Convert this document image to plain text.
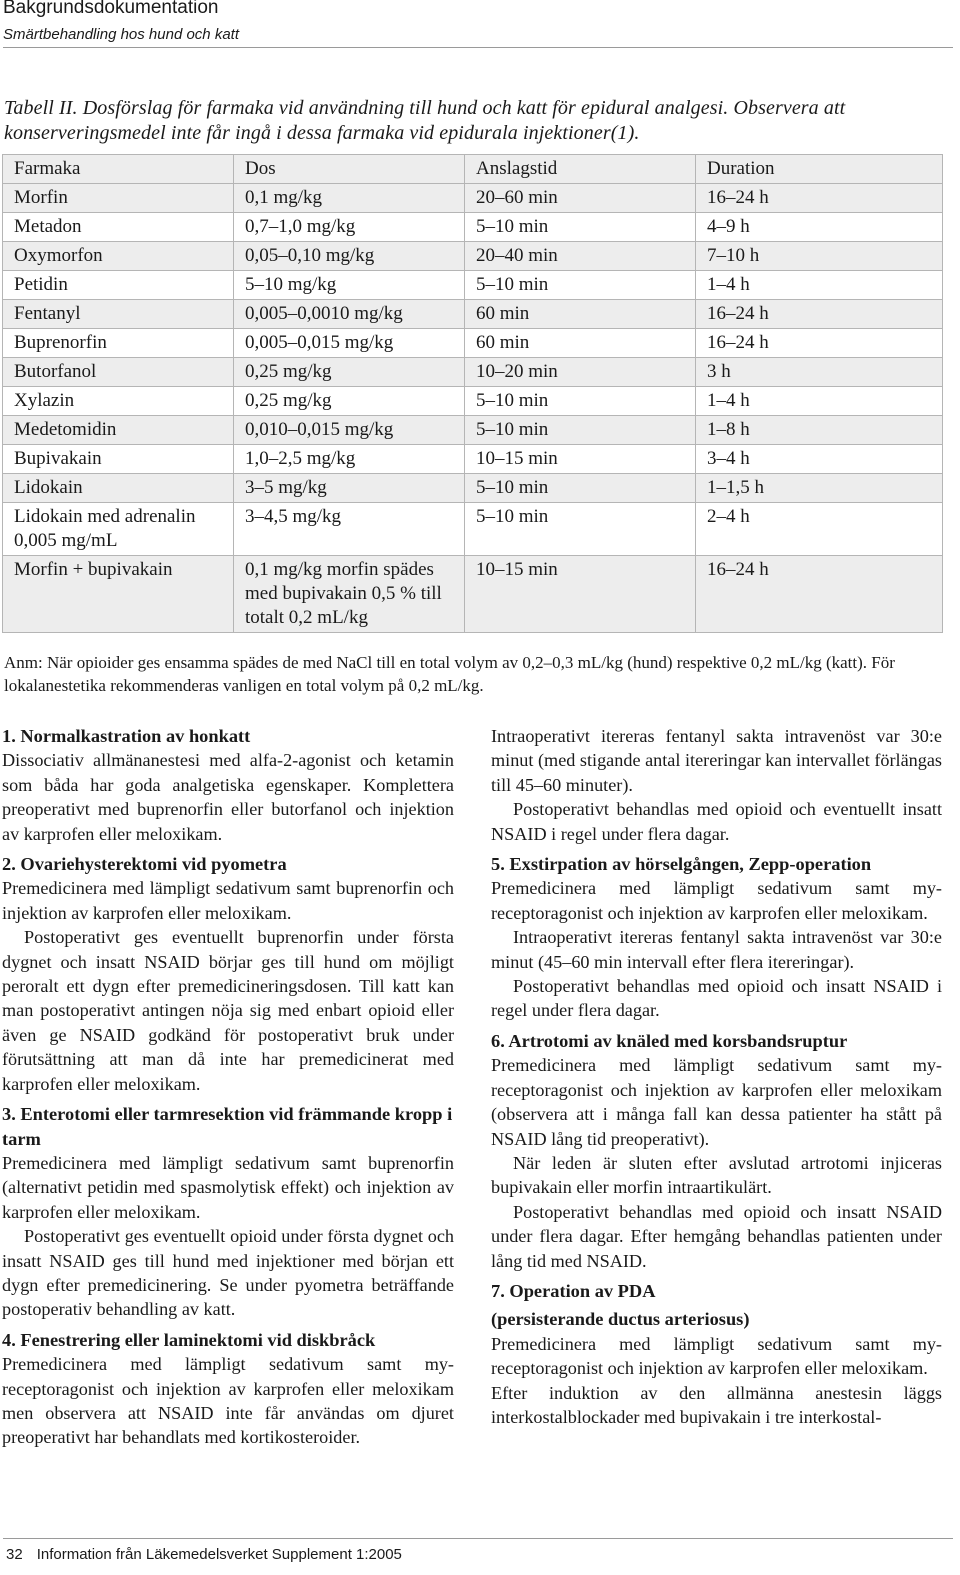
Bakgrundsdokumentation
Smärtbehandling hos hund och katt
Tabell II. Dosförslag för farmaka vid användning till hund och katt för epidural analgesi. Observera att konserveringsmedel inte får ingå i dessa farmaka vid epidurala injektioner(1).
Farmaka	Dos	Anslagstid	Duration
Morfin	0,1 mg/kg	20–60 min	16–24 h
Metadon	0,7–1,0 mg/kg	5–10 min	4–9 h
Oxymorfon	0,05–0,10 mg/kg	20–40 min	7–10 h
Petidin	5–10 mg/kg	5–10 min	1–4 h
Fentanyl	0,005–0,0010 mg/kg	60 min	16–24 h
Buprenorfin	0,005–0,015 mg/kg	60 min	16–24 h
Butorfanol	0,25 mg/kg	10–20 min	3 h
Xylazin	0,25 mg/kg	5–10 min	1–4 h
Medetomidin	0,010–0,015 mg/kg	5–10 min	1–8 h
Bupivakain	1,0–2,5 mg/kg	10–15 min	3–4 h
Lidokain	3–5 mg/kg	5–10 min	1–1,5 h
Lidokain med adrenalin 0,005 mg/mL	3–4,5 mg/kg	5–10 min	2–4 h
Morfin + bupivakain	0,1 mg/kg morfin spädes med bupivakain 0,5 % till totalt 0,2 mL/kg	10–15 min	16–24 h
Anm: När opioider ges ensamma spädes de med NaCl till en total volym av 0,2–0,3 mL/kg (hund) respektive 0,2 mL/kg (katt). För lokalanestetika rekommenderas vanligen en total volym på 0,2 mL/kg.
1. Normalkastration av honkatt

Dissociativ allmänanestesi med alfa-2-agonist och ketamin som båda har goda analgetiska egenskaper. Komplettera preoperativt med buprenorfin eller butorfanol och injektion av karprofen eller meloxikam.

2. Ovariehysterektomi vid pyometra

Premedicinera med lämpligt sedativum samt buprenorfin och injektion av karprofen eller meloxikam.

Postoperativt ges eventuellt buprenorfin under första dygnet och insatt NSAID börjar ges till hund om möjligt peroralt ett dygn efter premedicineringsdosen. Till katt kan man postoperativt antingen nöja sig med enbart opioid eller även ge NSAID godkänd för postoperativt bruk under förutsättning att man då inte har premedicinerat med karprofen eller meloxikam.

3. Enterotomi eller tarmresektion vid främmande kropp i tarm

Premedicinera med lämpligt sedativum samt buprenorfin (alternativt petidin med spasmolytisk effekt) och injektion av karprofen eller meloxikam.

Postoperativt ges eventuellt opioid under första dygnet och insatt NSAID ges till hund med injektioner med början ett dygn efter premedicinering. Se under pyometra beträffande postoperativ behandling av katt.

4. Fenestrering eller laminektomi vid diskbråck

Premedicinera med lämpligt sedativum samt my-receptoragonist och injektion av karprofen eller meloxikam men observera att NSAID inte får användas om djuret preoperativt har behandlats med kortikosteroider.

Intraoperativt itereras fentanyl sakta intravenöst var 30:e minut (med stigande antal itereringar kan intervallet förlängas till 45–60 minuter).

Postoperativt behandlas med opioid och eventuellt insatt NSAID i regel under flera dagar.

5. Exstirpation av hörselgången, Zepp-operation

Premedicinera med lämpligt sedativum samt my-receptoragonist och injektion av karprofen eller meloxikam.

Intraoperativt itereras fentanyl sakta intravenöst var 30:e minut (45–60 min intervall efter flera itereringar).

Postoperativt behandlas med opioid och insatt NSAID i regel under flera dagar.

6. Artrotomi av knäled med korsbandsruptur

Premedicinera med lämpligt sedativum samt my-receptoragonist och injektion av karprofen eller meloxikam (observera att i många fall kan dessa patienter ha stått på NSAID lång tid preoperativt).

När leden är sluten efter avslutad artrotomi injiceras bupivakain eller morfin intraartikulärt.

Postoperativt behandlas med opioid och insatt NSAID under flera dagar. Efter hemgång behandlas patienten under lång tid med NSAID.

7. Operation av PDA
(persisterande ductus arteriosus)

Premedicinera med lämpligt sedativum samt my-receptoragonist och injektion av karprofen eller meloxikam.

Efter induktion av den allmänna anestesin läggs interkostalblockader med bupivakain i tre interkostal-

32 Information från Läkemedelsverket Supplement 1:2005
